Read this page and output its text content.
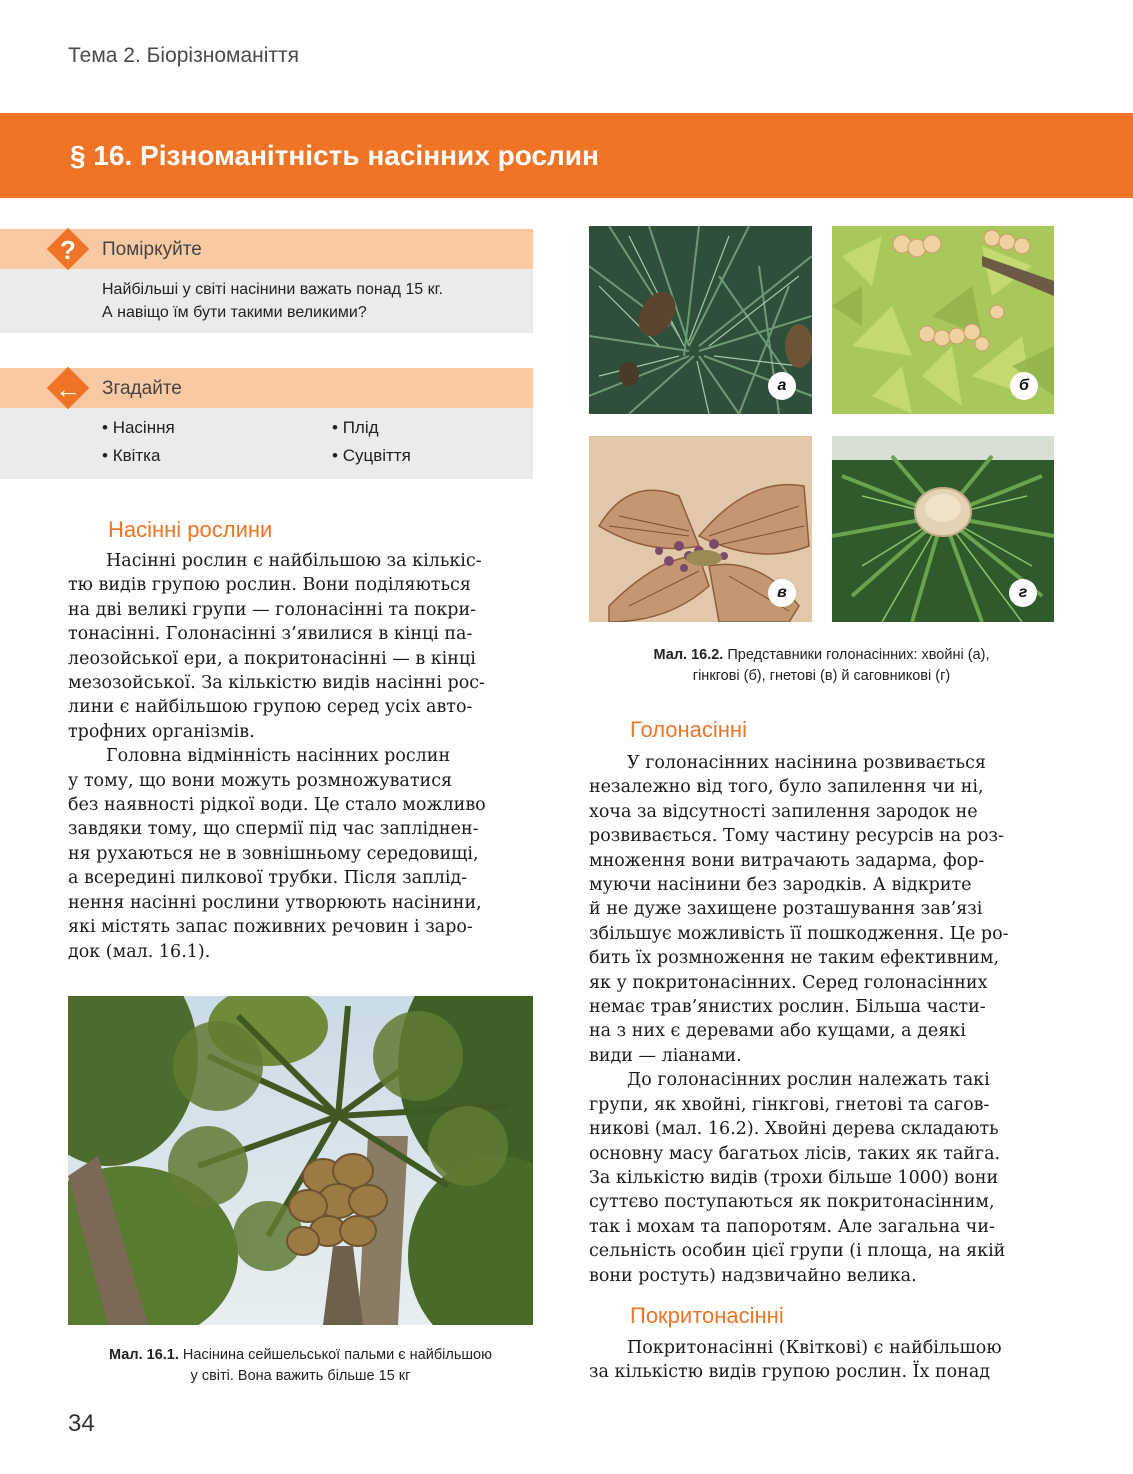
Тема 2. Біорізноманіття
§ 16. Різноманітність насінних рослин
?	Поміркуйте
Найбільші у світі насінини важать понад 15 кг.
А навіщо їм бути такими великими?
←	Згадайте
• Насіння
• Квітка
• Плід
• Суцвіття
Насінні рослини
Насінні рослин є найбільшою за кількіс-
тю видів групою рослин. Вони поділяються
на дві великі групи — голонасінні та покри-
тонасінні. Голонасінні з’явилися в кінці па-
леозойської ери, а покритонасінні — в кінці
мезозойської. За кількістю видів насінні рос-
лини є найбільшою групою серед усіх авто-
трофних організмів.
Головна відмінність насінних рослин
у тому, що вони можуть розмножуватися
без наявності рідкої води. Це стало можливо
завдяки тому, що спермії під час запліднен-
ня рухаються не в зовнішньому середовищі,
а всередині пилкової трубки. Після заплід-
нення насінні рослини утворюють насінини,
які містять запас поживних речовин і заро-
док (мал. 16.1).
Мал. 16.1. Насінина сейшельської пальми є найбільшою
у світі. Вона важить більше 15 кг
а	б
в	г
Мал. 16.2. Представники голонасінних: хвойні (а),
гінкгові (б), гнетові (в) й саговникові (г)
Голонасінні
У голонасінних насінина розвивається
незалежно від того, було запилення чи ні,
хоча за відсутності запилення зародок не
розвивається. Тому частину ресурсів на роз-
множення вони витрачають задарма, фор-
муючи насінини без зародків. А відкрите
й не дуже захищене розташування зав’язі
збільшує можливість її пошкодження. Це ро-
бить їх розмноження не таким ефективним,
як у покритонасінних. Серед голонасінних
немає трав’янистих рослин. Більша части-
на з них є деревами або кущами, а деякі
види — ліанами.
До голонасінних рослин належать такі
групи, як хвойні, гінкгові, гнетові та сагов-
никові (мал. 16.2). Хвойні дерева складають
основну масу багатьох лісів, таких як тайга.
За кількістю видів (трохи більше 1000) вони
суттєво поступаються як покритонасінним,
так і мохам та папоротям. Але загальна чи-
сельність особин цієї групи (і площа, на якій
вони ростуть) надзвичайно велика.
Покритонасінні
Покритонасінні (Квіткові) є найбільшою
за кількістю видів групою рослин. Їх понад
34
